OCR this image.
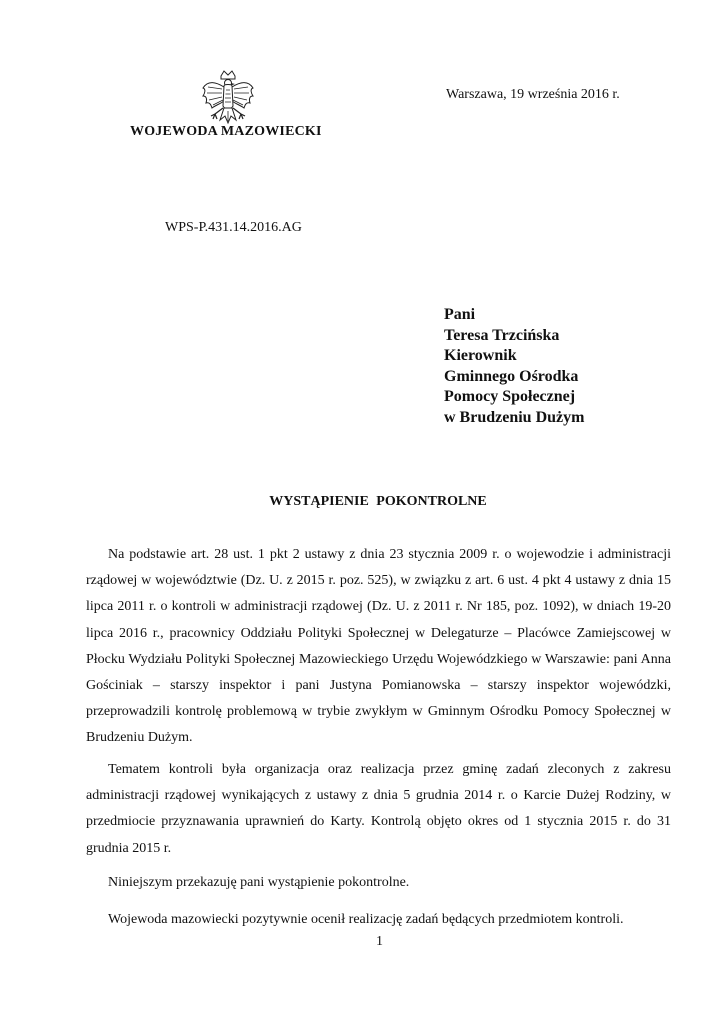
WOJEWODA MAZOWIECKI
Warszawa, 19 września 2016 r.
WPS-P.431.14.2016.AG
Pani
Teresa Trzcińska
Kierownik
Gminnego Ośrodka
Pomocy Społecznej
w Brudzeniu Dużym
WYSTĄPIENIE POKONTROLNE
Na podstawie art. 28 ust. 1 pkt 2 ustawy z dnia 23 stycznia 2009 r. o wojewodzie i administracji rządowej w województwie (Dz. U. z 2015 r. poz. 525), w związku z art. 6 ust. 4 pkt 4 ustawy z dnia 15 lipca 2011 r. o kontroli w administracji rządowej (Dz. U. z 2011 r. Nr 185, poz. 1092), w dniach 19-20 lipca 2016 r., pracownicy Oddziału Polityki Społecznej w Delegaturze – Placówce Zamiejscowej w Płocku Wydziału Polityki Społecznej Mazowieckiego Urzędu Wojewódzkiego w Warszawie: pani Anna Gościniak – starszy inspektor i pani Justyna Pomianowska – starszy inspektor wojewódzki, przeprowadzili kontrolę problemową w trybie zwykłym w Gminnym Ośrodku Pomocy Społecznej w Brudzeniu Dużym.
Tematem kontroli była organizacja oraz realizacja przez gminę zadań zleconych z zakresu administracji rządowej wynikających z ustawy z dnia 5 grudnia 2014 r. o Karcie Dużej Rodziny, w przedmiocie przyznawania uprawnień do Karty. Kontrolą objęto okres od 1 stycznia 2015 r. do 31 grudnia 2015 r.
Niniejszym przekazuję pani wystąpienie pokontrolne.
Wojewoda mazowiecki pozytywnie ocenił realizację zadań będących przedmiotem kontroli.
1
